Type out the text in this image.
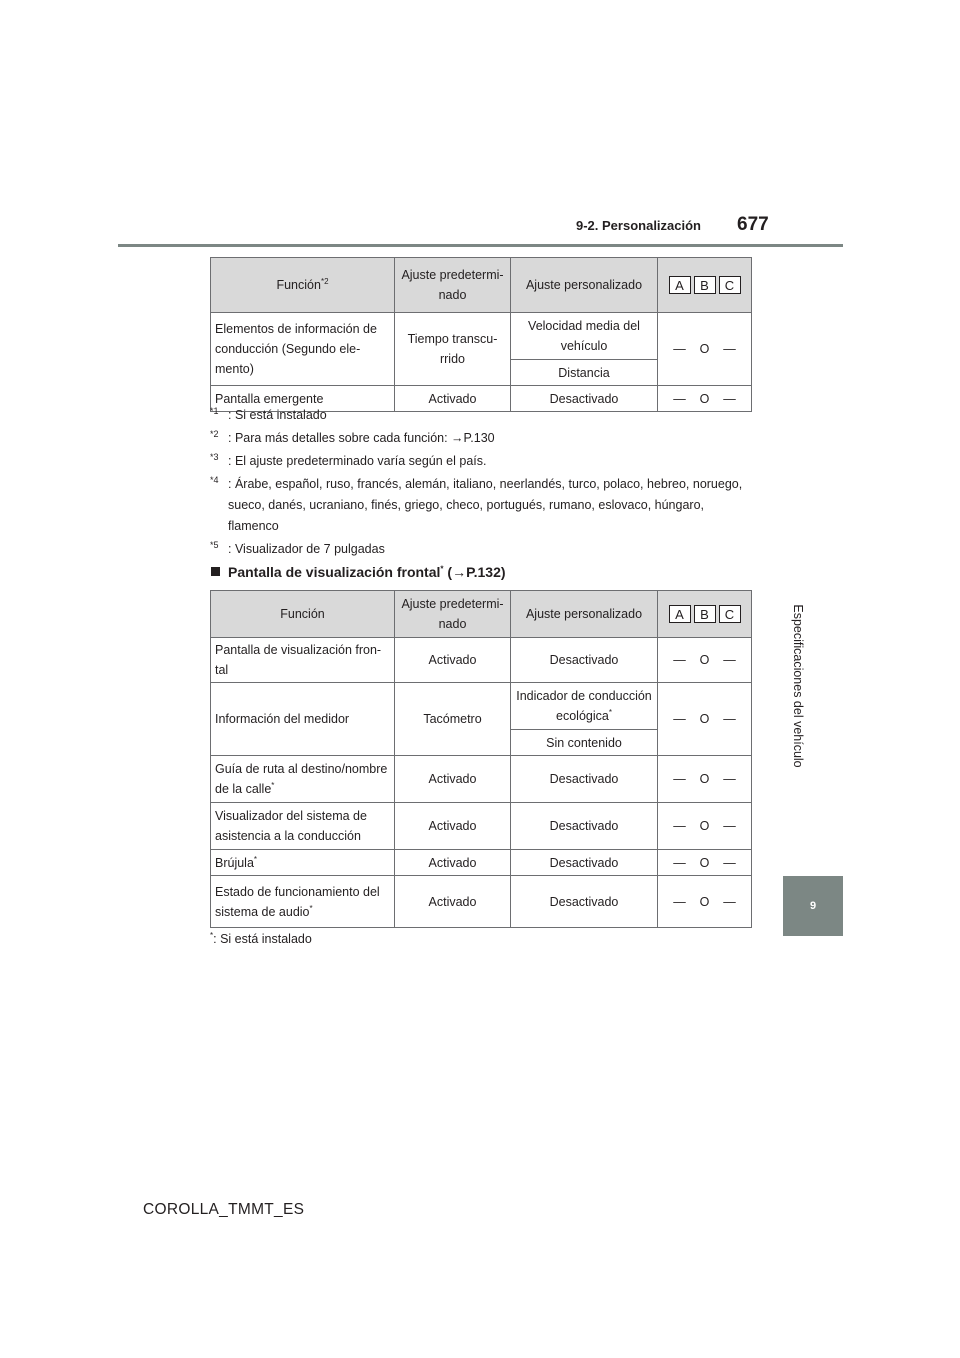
9-2. Personalización 677
Especificaciones del vehículo
9
Función$^{*2}$	Ajuste predetermi- nado	Ajuste personalizado	A B C

Elementos de información de conducción (Segundo ele- mento)	Tiempo transcu- rrido	Velocidad media del vehículo	— O —
		Distancia	
Pantalla emergente	Activado	Desactivado	— O —
$^{*1}$ : Si está instalado
$^{*2}$ : Para más detalles sobre cada función: →P.130
$^{*3}$ : El ajuste predeterminado varía según el país.
$^{*4}$ : Árabe, español, ruso, francés, alemán, italiano, neerlandés, turco, polaco, hebreo, noruego, sueco, danés, ucraniano, finés, griego, checo, portugués, rumano, eslovaco, húngaro, flamenco
$^{*5}$ : Visualizador de 7 pulgadas
Pantalla de visualización frontal* (→P.132)
Función	Ajuste predetermi- nado	Ajuste personalizado	A B C

Pantalla de visualización fron- tal	Activado	Desactivado	— O —
Información del medidor	Tacómetro	Indicador de conducción ecológica*	— O —
		Sin contenido	
Guía de ruta al destino/nombre de la calle*	Activado	Desactivado	— O —
Visualizador del sistema de asistencia a la conducción	Activado	Desactivado	— O —
Brújula*	Activado	Desactivado	— O —
Estado de funcionamiento del sistema de audio*	Activado	Desactivado	— O —
*: Si está instalado
COROLLA_TMMT_ES
